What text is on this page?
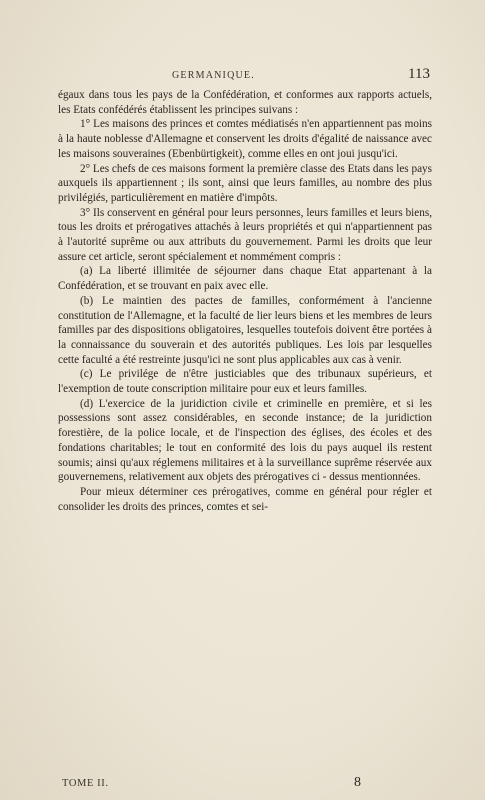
GERMANIQUE.	113

égaux dans tous les pays de la Confédération, et conformes aux rapports actuels, les Etats confédérés établissent les principes suivans :

1° Les maisons des princes et comtes médiatisés n'en appartiennent pas moins à la haute noblesse d'Allemagne et conservent les droits d'égalité de naissance avec les maisons souveraines (Ebenbürtigkeit), comme elles en ont joui jusqu'ici.

2° Les chefs de ces maisons forment la première classe des Etats dans les pays auxquels ils appartiennent ; ils sont, ainsi que leurs familles, au nombre des plus privilégiés, particulièrement en matière d'impôts.

3° Ils conservent en général pour leurs personnes, leurs familles et leurs biens, tous les droits et prérogatives attachés à leurs propriétés et qui n'appartiennent pas à l'autorité suprême ou aux attributs du gouvernement. Parmi les droits que leur assure cet article, seront spécialement et nommément compris :

(a) La liberté illimitée de séjourner dans chaque Etat appartenant à la Confédération, et se trouvant en paix avec elle.

(b) Le maintien des pactes de familles, conformément à l'ancienne constitution de l'Allemagne, et la faculté de lier leurs biens et les membres de leurs familles par des dispositions obligatoires, lesquelles toutefois doivent être portées à la connaissance du souverain et des autorités publiques. Les lois par lesquelles cette faculté a été restreinte jusqu'ici ne sont plus applicables aux cas à venir.

(c) Le privilége de n'être justiciables que des tribunaux supérieurs, et l'exemption de toute conscription militaire pour eux et leurs familles.

(d) L'exercice de la juridiction civile et criminelle en première, et si les possessions sont assez considérables, en seconde instance; de la juridiction forestière, de la police locale, et de l'inspection des églises, des écoles et des fondations charitables; le tout en conformité des lois du pays auquel ils restent soumis; ainsi qu'aux réglemens militaires et à la surveillance suprême réservée aux gouvernemens, relativement aux objets des prérogatives ci - dessus mentionnées.

Pour mieux déterminer ces prérogatives, comme en général pour régler et consolider les droits des princes, comtes et sei-

TOME II.	8
